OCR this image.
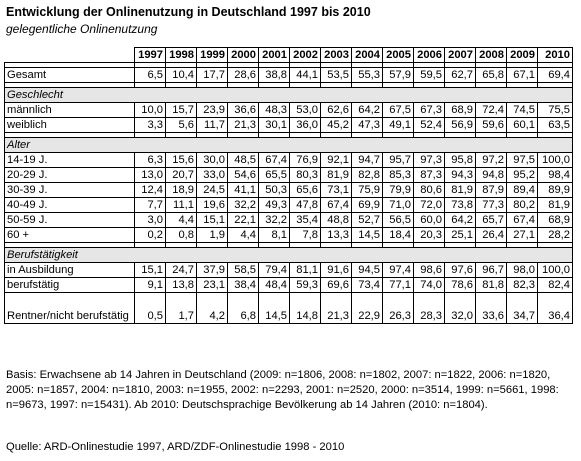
Entwicklung der Onlinenutzung in Deutschland 1997 bis 2010
gelegentliche Onlinenutzung
	1997	1998	1999	2000	2001	2002	2003	2004	2005	2006	2007	2008	2009	2010

Gesamt	6,5	10,4	17,7	28,6	38,8	44,1	53,5	55,3	57,9	59,5	62,7	65,8	67,1	69,4

Geschlecht														
männlich	10,0	15,7	23,9	36,6	48,3	53,0	62,6	64,2	67,5	67,3	68,9	72,4	74,5	75,5
weiblich	3,3	5,6	11,7	21,3	30,1	36,0	45,2	47,3	49,1	52,4	56,9	59,6	60,1	63,5

Alter														
14-19 J.	6,3	15,6	30,0	48,5	67,4	76,9	92,1	94,7	95,7	97,3	95,8	97,2	97,5	100,0
20-29 J.	13,0	20,7	33,0	54,6	65,5	80,3	81,9	82,8	85,3	87,3	94,3	94,8	95,2	98,4
30-39 J.	12,4	18,9	24,5	41,1	50,3	65,6	73,1	75,9	79,9	80,6	81,9	87,9	89,4	89,9
40-49 J.	7,7	11,1	19,6	32,2	49,3	47,8	67,4	69,9	71,0	72,0	73,8	77,3	80,2	81,9
50-59 J.	3,0	4,4	15,1	22,1	32,2	35,4	48,8	52,7	56,5	60,0	64,2	65,7	67,4	68,9
60 +	0,2	0,8	1,9	4,4	8,1	7,8	13,3	14,5	18,4	20,3	25,1	26,4	27,1	28,2

Berufstätigkeit														
in Ausbildung	15,1	24,7	37,9	58,5	79,4	81,1	91,6	94,5	97,4	98,6	97,6	96,7	98,0	100,0
berufstätig	9,1	13,8	23,1	38,4	48,4	59,3	69,6	73,4	77,1	74,0	78,6	81,8	82,3	82,4
Rentner/nicht berufstätig	0,5	1,7	4,2	6,8	14,5	14,8	21,3	22,9	26,3	28,3	32,0	33,6	34,7	36,4
Basis: Erwachsene ab 14 Jahren in Deutschland (2009: n=1806, 2008: n=1802, 2007: n=1822, 2006: n=1820, 2005: n=1857, 2004: n=1810, 2003: n=1955, 2002: n=2293, 2001: n=2520, 2000: n=3514, 1999: n=5661, 1998: n=9673, 1997: n=15431). Ab 2010: Deutschsprachige Bevölkerung ab 14 Jahren (2010: n=1804).
Quelle: ARD-Onlinestudie 1997, ARD/ZDF-Onlinestudie 1998 - 2010
